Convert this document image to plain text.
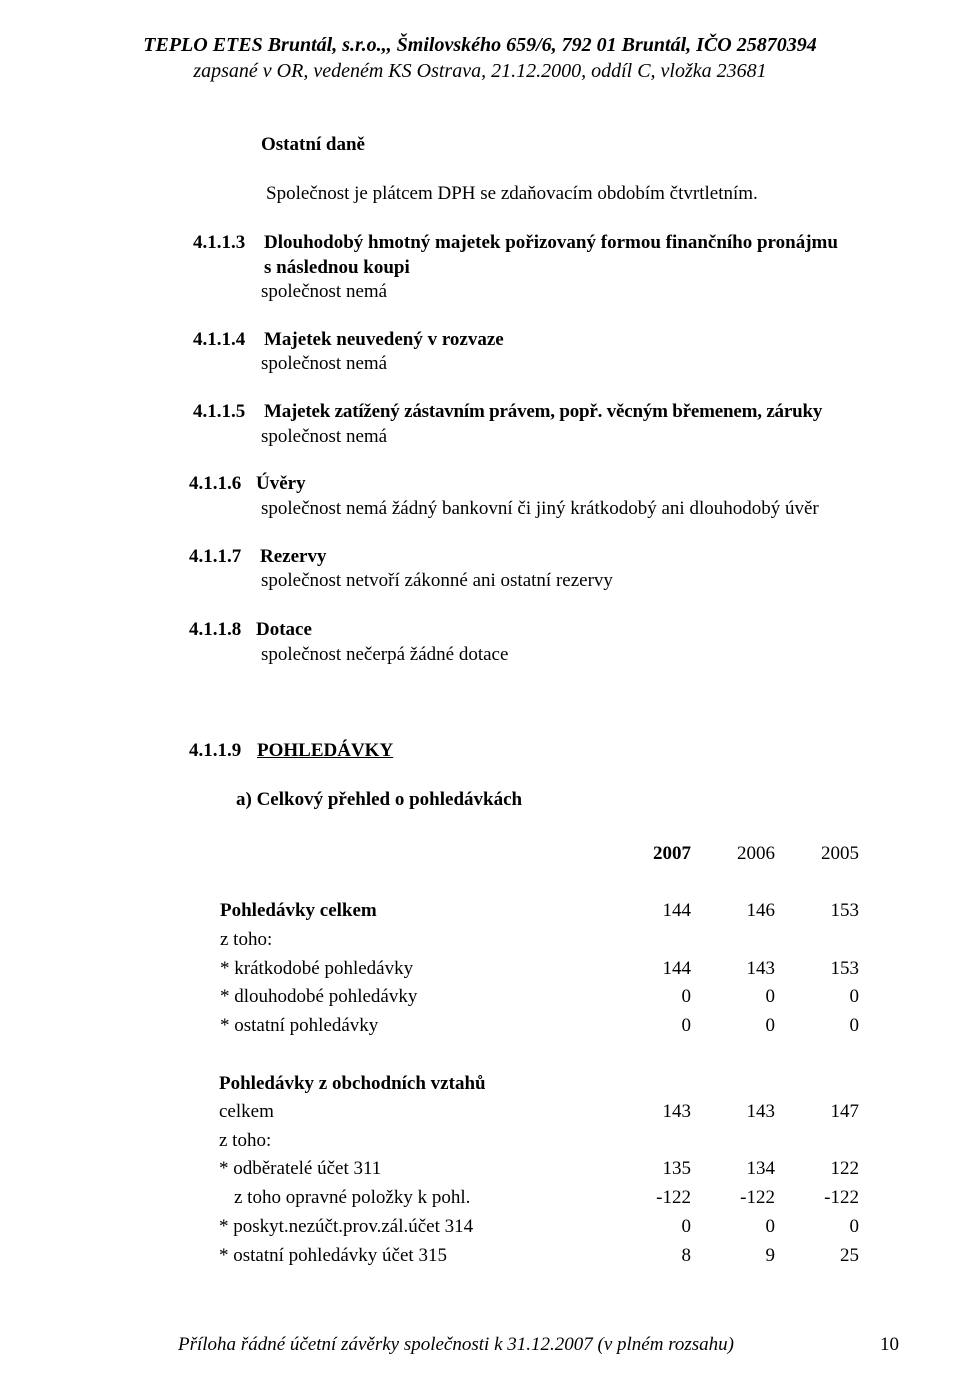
TEPLO ETES Bruntál, s.r.o.,, Šmilovského 659/6, 792 01 Bruntál, IČO 25870394
zapsané v OR, vedeném KS Ostrava, 21.12.2000, oddíl C, vložka 23681
Ostatní daně
Společnost je plátcem DPH se zdaňovacím obdobím čtvrtletním.
4.1.1.3 Dlouhodobý hmotný majetek pořizovaný formou finančního pronájmu
s následnou koupi
společnost nemá
4.1.1.4 Majetek neuvedený v rozvaze
společnost nemá
4.1.1.5 Majetek zatížený zástavním právem, popř. věcným břemenem, záruky
společnost nemá
4.1.1.6 Úvěry
společnost nemá žádný bankovní či jiný krátkodobý ani dlouhodobý úvěr
4.1.1.7 Rezervy
společnost netvoří zákonné ani ostatní rezervy
4.1.1.8 Dotace
společnost nečerpá žádné dotace
4.1.1.9 POHLEDÁVKY
a) Celkový přehled o pohledávkách
2007	2006	2005
Pohledávky celkem	144	146	153
z toho:
* krátkodobé pohledávky	144	143	153
* dlouhodobé pohledávky	0	0	0
* ostatní pohledávky	0	0	0
Pohledávky z obchodních vztahů
celkem	143	143	147
z toho:
* odběratelé účet 311	135	134	122
z toho opravné položky k pohl.	-122	-122	-122
* poskyt.nezúčt.prov.zál.účet 314	0	0	0
* ostatní pohledávky účet 315	8	9	25
Příloha řádné účetní závěrky společnosti k 31.12.2007 (v plném rozsahu)	10
